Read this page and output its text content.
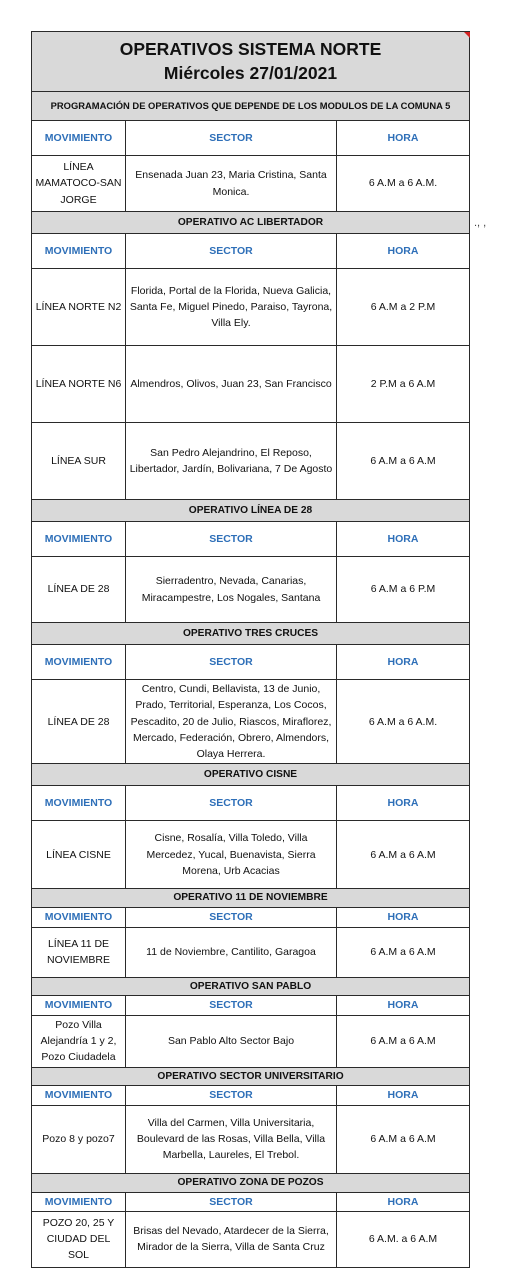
OPERATIVOS SISTEMA NORTE
Miércoles 27/01/2021		

PROGRAMACIÓN DE OPERATIVOS QUE DEPENDE DE LOS MODULOS DE LA COMUNA 5		
MOVIMIENTO	SECTOR	HORA
LÍNEA MAMATOCO-SAN JORGE	Ensenada Juan 23, Maria Cristina, Santa Monica.	6 A.M a 6 A.M.
OPERATIVO AC LIBERTADOR		
MOVIMIENTO	SECTOR	HORA
LÍNEA NORTE N2	Florida, Portal de la Florida, Nueva Galicia, Santa Fe, Miguel Pinedo, Paraiso, Tayrona, Villa Ely.	6 A.M a 2 P.M
LÍNEA NORTE N6	Almendros, Olivos, Juan 23, San Francisco	2 P.M a 6 A.M
LÍNEA SUR	San Pedro Alejandrino, El Reposo, Libertador, Jardín, Bolivariana, 7 De Agosto	6 A.M a 6 A.M
OPERATIVO LÍNEA DE 28		
MOVIMIENTO	SECTOR	HORA
LÍNEA DE 28	Sierradentro, Nevada, Canarias, Miracampestre, Los Nogales, Santana	6 A.M a 6 P.M
OPERATIVO TRES CRUCES		
MOVIMIENTO	SECTOR	HORA
LÍNEA DE 28	Centro, Cundi, Bellavista, 13 de Junio, Prado, Territorial, Esperanza, Los Cocos, Pescadito, 20 de Julio, Riascos, Miraflorez, Mercado, Federación, Obrero, Almendors, Olaya Herrera.	6 A.M a 6 A.M.
OPERATIVO CISNE		
MOVIMIENTO	SECTOR	HORA
LÍNEA CISNE	Cisne, Rosalía, Villa Toledo, Villa Mercedez, Yucal, Buenavista, Sierra Morena, Urb Acacias	6 A.M a 6 A.M
OPERATIVO 11 DE NOVIEMBRE		
MOVIMIENTO	SECTOR	HORA
LÍNEA 11 DE NOVIEMBRE	11 de Noviembre, Cantilito, Garagoa	6 A.M a 6 A.M
OPERATIVO SAN PABLO		
MOVIMIENTO	SECTOR	HORA
Pozo Villa Alejandría 1 y 2, Pozo Ciudadela	San Pablo Alto Sector Bajo	6 A.M a 6 A.M
OPERATIVO SECTOR UNIVERSITARIO		
MOVIMIENTO	SECTOR	HORA
Pozo 8 y pozo7	Villa del Carmen, Villa Universitaria, Boulevard de las Rosas, Villa Bella, Villa Marbella, Laureles, El Trebol.	6 A.M a 6 A.M
OPERATIVO ZONA DE POZOS		
MOVIMIENTO	SECTOR	HORA
POZO 20, 25 Y CIUDAD DEL SOL	Brisas del Nevado, Atardecer de la Sierra, Mirador de la Sierra, Villa de Santa Cruz	6 A.M. a 6 A.M
., ,
